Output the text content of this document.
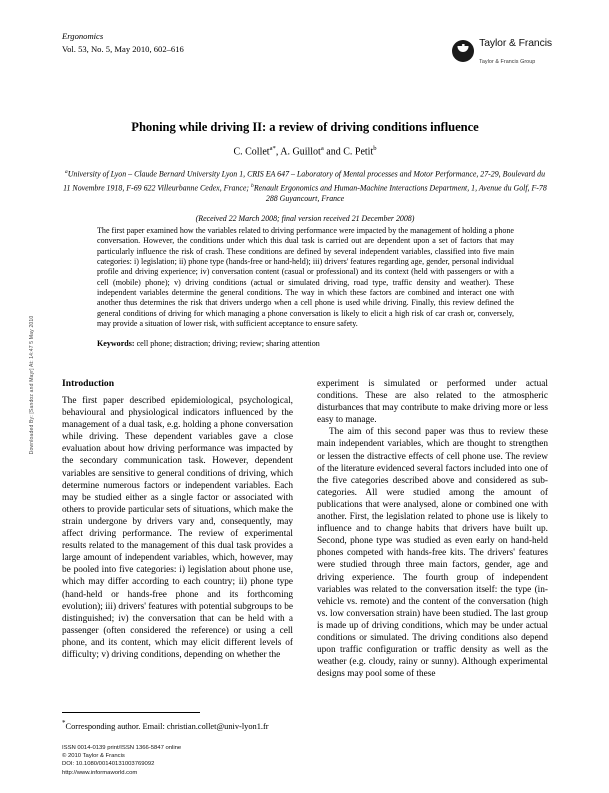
Downloaded By: [Sandoz and Mayr] At: 14:47 5 May 2010
Ergonomics
Vol. 53, No. 5, May 2010, 602–616	Taylor & Francis
Taylor & Francis Group
Phoning while driving II: a review of driving conditions influence
C. Collet$^{a*}$, A. Guillot$^a$ and C. Petit$^b$
$^a$University of Lyon – Claude Bernard University Lyon 1, CRIS EA 647 – Laboratory of Mental processes and Motor Performance, 27-29, Boulevard du 11 Novembre 1918, F-69 622 Villeurbanne Cedex, France; $^b$Renault Ergonomics and Human-Machine Interactions Department, 1, Avenue du Golf, F-78 288 Guyancourt, France
(Received 22 March 2008; final version received 21 December 2008)
The first paper examined how the variables related to driving performance were impacted by the management of holding a phone conversation. However, the conditions under which this dual task is carried out are dependent upon a set of factors that may particularly influence the risk of crash. These conditions are defined by several independent variables, classified into five main categories: i) legislation; ii) phone type (hands-free or hand-held); iii) drivers' features regarding age, gender, personal individual profile and driving experience; iv) conversation content (casual or professional) and its context (held with passengers or with a cell (mobile) phone); v) driving conditions (actual or simulated driving, road type, traffic density and weather). These independent variables determine the general conditions. The way in which these factors are combined and interact one with another thus determines the risk that drivers undergo when a cell phone is used while driving. Finally, this review defined the general conditions of driving for which managing a phone conversation is likely to elicit a high risk of car crash or, conversely, may provide a situation of lower risk, with sufficient acceptance to ensure safety.
Keywords: cell phone; distraction; driving; review; sharing attention
Introduction

The first paper described epidemiological, psychological, behavioural and physiological indicators influenced by the management of a dual task, e.g. holding a phone conversation while driving. These dependent variables gave a close evaluation about how driving performance was impacted by the secondary communication task. However, dependent variables are sensitive to general conditions of driving, which determine numerous factors or independent variables. Each may be studied either as a single factor or associated with others to provide particular sets of situations, which make the strain undergone by drivers vary and, consequently, may affect driving performance. The review of experimental results related to the management of this dual task provides a large amount of independent variables, which, however, may be pooled into five categories: i) legislation about phone use, which may differ according to each country; ii) phone type (hand-held or hands-free phone and its forthcoming evolution); iii) drivers' features with potential subgroups to be distinguished; iv) the conversation that can be held with a passenger (often considered the reference) or using a cell phone, and its content, which may elicit different levels of difficulty; v) driving conditions, depending on whether the

experiment is simulated or performed under actual conditions. These are also related to the atmospheric disturbances that may contribute to make driving more or less easy to manage.

The aim of this second paper was thus to review these main independent variables, which are thought to strengthen or lessen the distractive effects of cell phone use. The review of the literature evidenced several factors included into one of the five categories described above and considered as sub-categories. All were studied among the amount of publications that were analysed, alone or combined one with another. First, the legislation related to phone use is likely to influence and to change habits that drivers have built up. Second, phone type was studied as even early on hand-held phones competed with hands-free kits. The drivers' features were studied through three main factors, gender, age and driving experience. The fourth group of independent variables was related to the conversation itself: the type (in-vehicle vs. remote) and the content of the conversation (high vs. low conversation strain) have been studied. The last group is made up of driving conditions, which may be under actual conditions or simulated. The driving conditions also depend upon traffic configuration or traffic density as well as the weather (e.g. cloudy, rainy or sunny). Although experimental designs may pool some of these

*Corresponding author. Email: christian.collet@univ-lyon1.fr
ISSN 0014-0139 print/ISSN 1366-5847 online
© 2010 Taylor & Francis
DOI: 10.1080/00140131003769092
http://www.informaworld.com
